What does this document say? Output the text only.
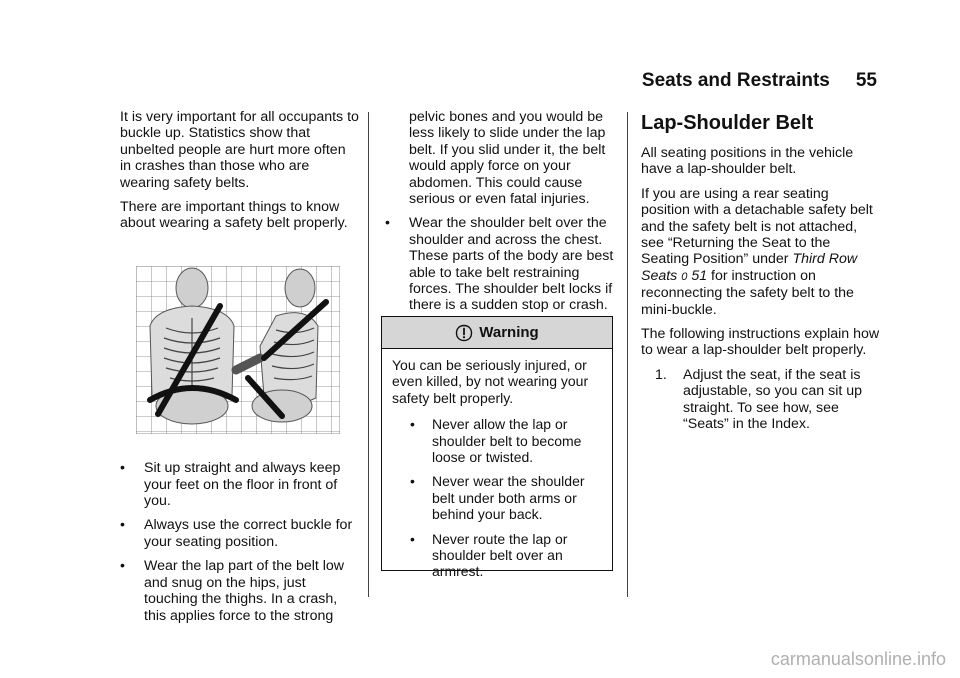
Seats and Restraints 55

It is very important for all occupants to buckle up. Statistics show that unbelted people are hurt more often in crashes than those who are wearing safety belts.

There are important things to know about wearing a safety belt properly.

• Sit up straight and always keep your feet on the floor in front of you.
• Always use the correct buckle for your seating position.
• Wear the lap part of the belt low and snug on the hips, just touching the thighs. In a crash, this applies force to the strong
pelvic bones and you would be less likely to slide under the lap belt. If you slid under it, the belt would apply force on your abdomen. This could cause serious or even fatal injuries.
• Wear the shoulder belt over the shoulder and across the chest. These parts of the body are best able to take belt restraining forces. The shoulder belt locks if there is a sudden stop or crash.
Warning

You can be seriously injured, or even killed, by not wearing your safety belt properly.

• Never allow the lap or shoulder belt to become loose or twisted.
• Never wear the shoulder belt under both arms or behind your back.
• Never route the lap or shoulder belt over an armrest.
Lap-Shoulder Belt

All seating positions in the vehicle have a lap-shoulder belt.

If you are using a rear seating position with a detachable safety belt and the safety belt is not attached, see “Returning the Seat to the Seating Position” under Third Row Seats 0 51 for instruction on reconnecting the safety belt to the mini-buckle.

The following instructions explain how to wear a lap-shoulder belt properly.

1. Adjust the seat, if the seat is adjustable, so you can sit up straight. To see how, see “Seats” in the Index.
carmanualsonline.info
